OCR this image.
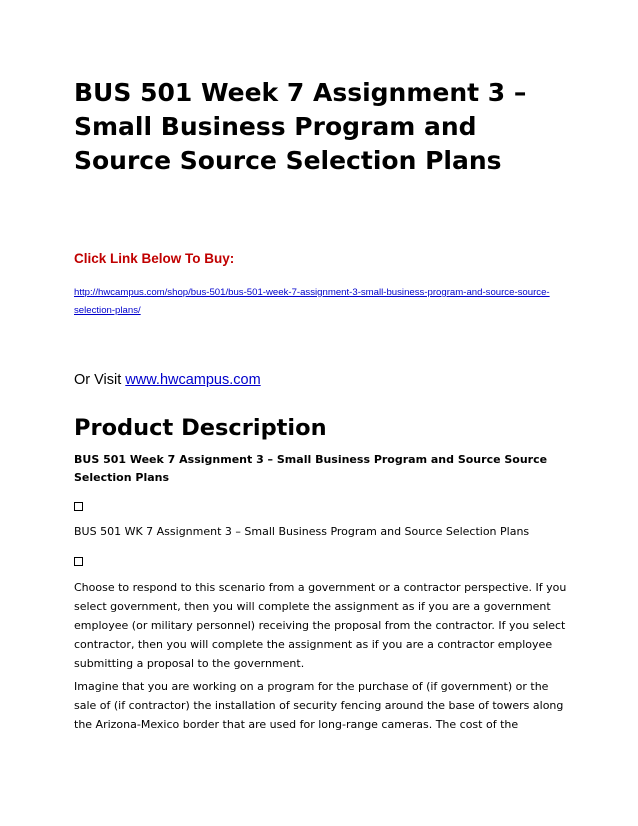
BUS 501 Week 7 Assignment 3 – Small Business Program and Source Source Selection Plans

Click Link Below To Buy:

http://hwcampus.com/shop/bus-501/bus-501-week-7-assignment-3-small-business-program-and-source-source-selection-plans/

Or Visit www.hwcampus.com

Product Description

BUS 501 Week 7 Assignment 3 – Small Business Program and Source Source Selection Plans

BUS 501 WK 7 Assignment 3 – Small Business Program and Source Selection Plans

Choose to respond to this scenario from a government or a contractor perspective. If you select government, then you will complete the assignment as if you are a government employee (or military personnel) receiving the proposal from the contractor. If you select contractor, then you will complete the assignment as if you are a contractor employee submitting a proposal to the government.

Imagine that you are working on a program for the purchase of (if government) or the sale of (if contractor) the installation of security fencing around the base of towers along the Arizona-Mexico border that are used for long-range cameras. The cost of the
